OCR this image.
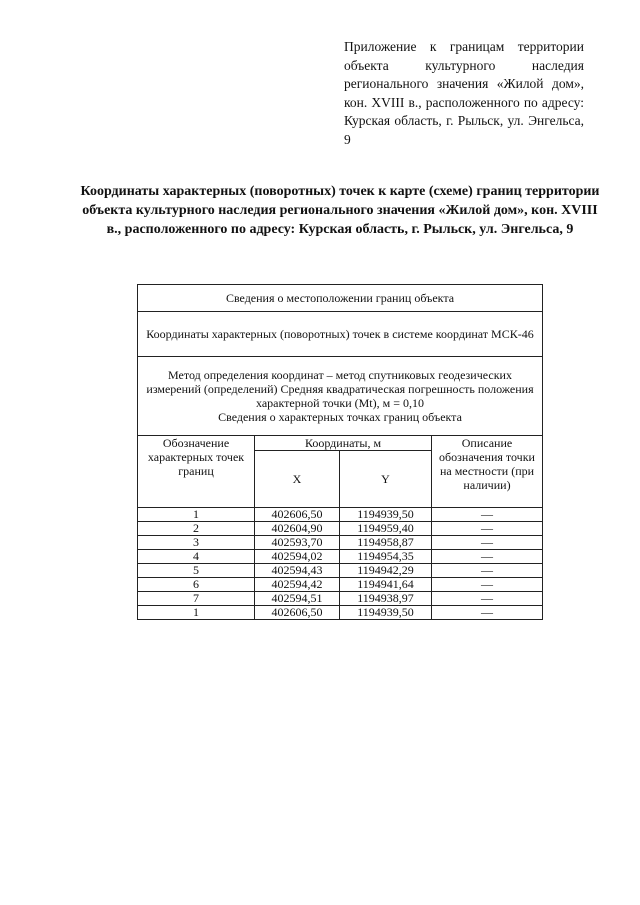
Приложение к границам территории объекта культурного наследия регионального значения «Жилой дом», кон. XVIII в., расположенного по адресу: Курская область, г. Рыльск, ул. Энгельса, 9
Координаты характерных (поворотных) точек к карте (схеме) границ территории объекта культурного наследия регионального значения «Жилой дом», кон. XVIII в., расположенного по адресу: Курская область, г. Рыльск, ул. Энгельса, 9
Сведения о местоположении границ объекта			
Координаты характерных (поворотных) точек в системе координат МСК-46			

Метод определения координат – метод спутниковых геодезических измерений (определений) Средняя квадратическая погрешность положения характерной точки (Mt), м = 0,10
Сведения о характерных точках границ объекта			

Обозначение характерных точек границ	Координаты, м		Описание обозначения точки на местности (при наличии)
	X	Y	
1	402606,50	1194939,50	—
2	402604,90	1194959,40	—
3	402593,70	1194958,87	—
4	402594,02	1194954,35	—
5	402594,43	1194942,29	—
6	402594,42	1194941,64	—
7	402594,51	1194938,97	—
1	402606,50	1194939,50	—
